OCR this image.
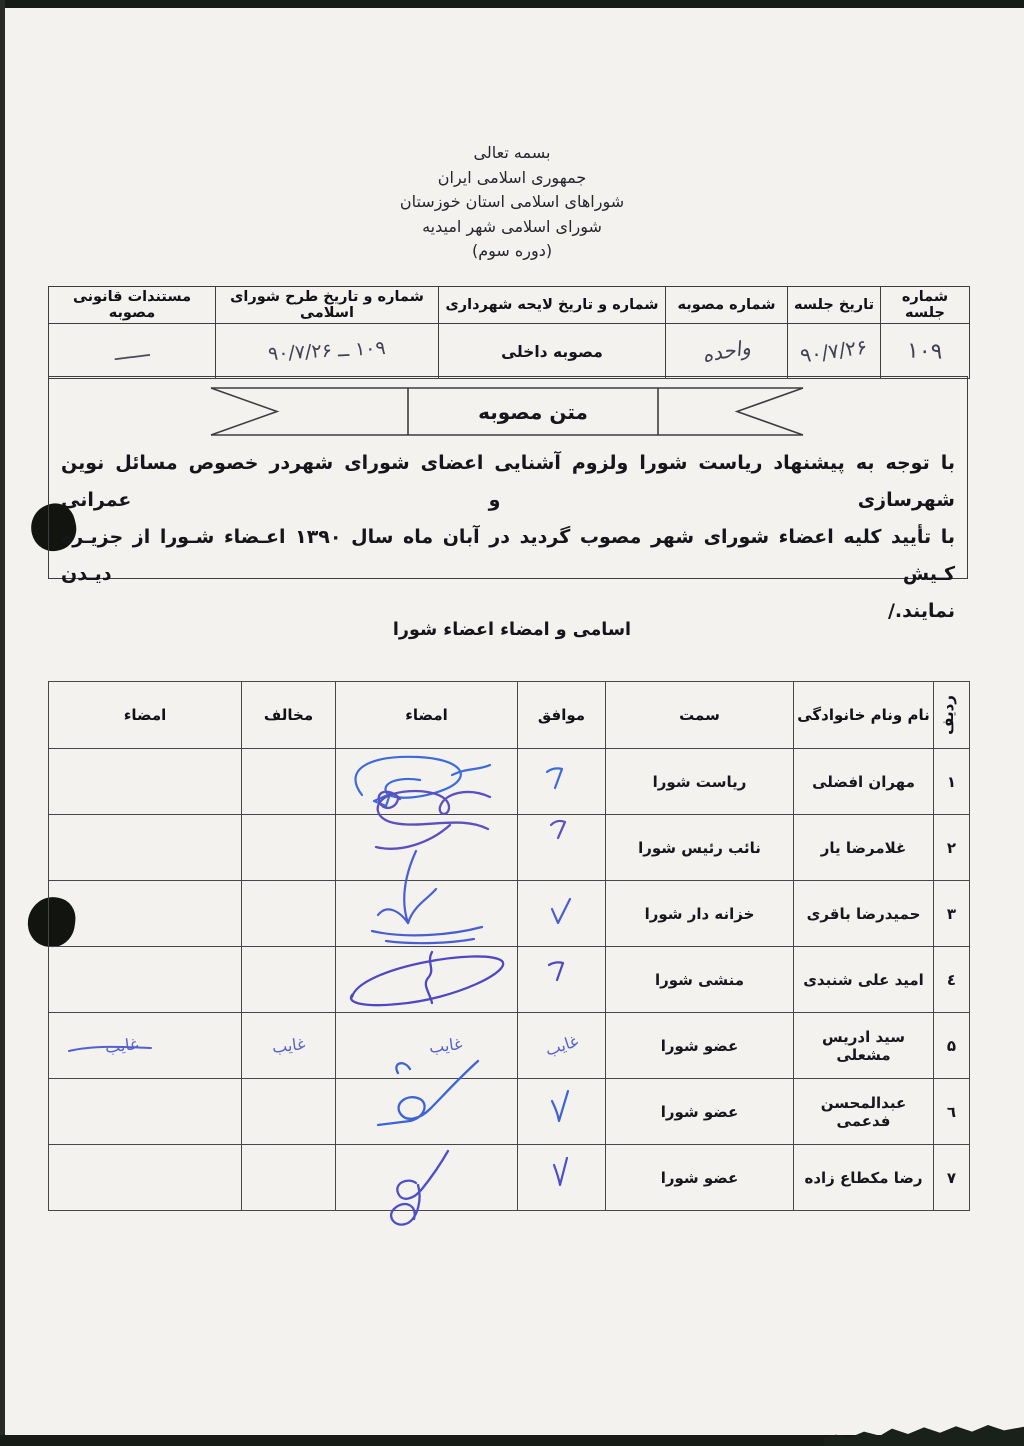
بسمه تعالی
جمهوری اسلامی ایران
شوراهای اسلامی استان خوزستان
شورای اسلامی شهر امیدیه
(دوره سوم)
شماره جلسه	تاریخ جلسه	شماره مصوبه	شماره و تاریخ لایحه شهرداری	شماره و تاریخ طرح شورای اسلامی	مستندات قانونی مصوبه
۱۰۹	۹۰/۷/۲۶	واحده	مصوبه داخلی	۱۰۹ ــ ۹۰/۷/۲۶	ــــــ
متن مصوبه
با توجه به پیشنهاد ریاست شورا ولزوم آشنایی اعضای شورای شهردر خصوص مسائل نوین شهرسازی و عمرانی
با تأیید کلیه اعضاء شورای شهر مصوب گردید در آبان ماه سال ۱۳۹۰ اعـضاء شـورا از جزیـره کـیش دیـدن
نمایند./
اسامی و امضاء اعضاء شورا
ردیف	نام ونام خانوادگی	سمت	موافق	امضاء	مخالف	امضاء
۱	مهران افضلی	ریاست شورا	

۲	غلامرضا یار	نائب رئیس شورا	

۳	حمیدرضا باقری	خزانه دار شورا	

٤	امید علی شنبدی	منشی شورا	

۵	سید ادریس مشعلی	عضو شورا	غایب	غایب	غایب	غایب

٦	عبدالمحسن فدعمی	عضو شورا	

۷	رضا مکطاع زاده	عضو شورا	
